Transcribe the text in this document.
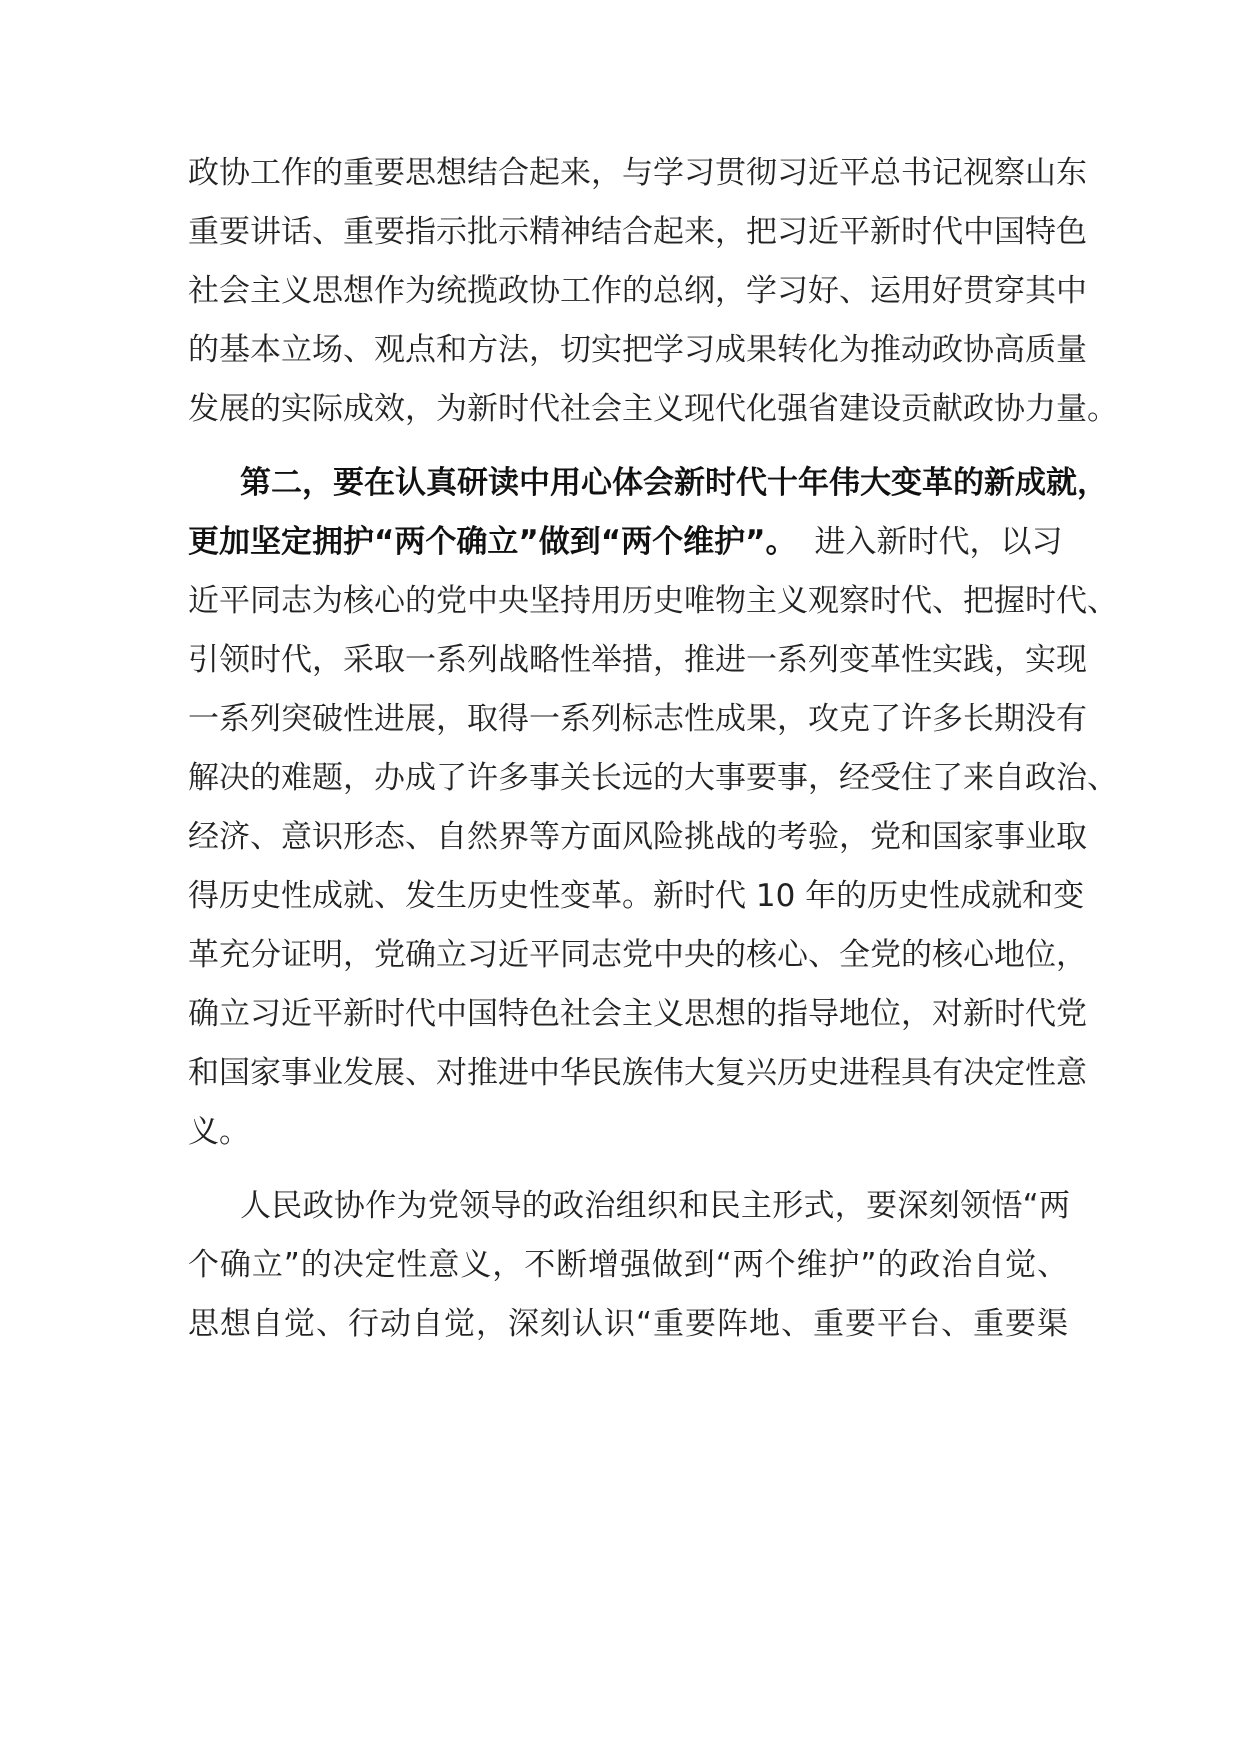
政协工作的重要思想结合起来，与学习贯彻习近平总书记视察山东
重要讲话、重要指示批示精神结合起来，把习近平新时代中国特色
社会主义思想作为统揽政协工作的总纲，学习好、运用好贯穿其中
的基本立场、观点和方法，切实把学习成果转化为推动政协高质量
发展的实际成效，为新时代社会主义现代化强省建设贡献政协力量。
第二，要在认真研读中用心体会新时代十年伟大变革的新成就，
更加坚定拥护“两个确立”做到“两个维护”。 进入新时代，以习
近平同志为核心的党中央坚持用历史唯物主义观察时代、把握时代、
引领时代，采取一系列战略性举措，推进一系列变革性实践，实现
一系列突破性进展，取得一系列标志性成果，攻克了许多长期没有
解决的难题，办成了许多事关长远的大事要事，经受住了来自政治、
经济、意识形态、自然界等方面风险挑战的考验，党和国家事业取
得历史性成就、发生历史性变革。新时代 10 年的历史性成就和变
革充分证明，党确立习近平同志党中央的核心、全党的核心地位，
确立习近平新时代中国特色社会主义思想的指导地位，对新时代党
和国家事业发展、对推进中华民族伟大复兴历史进程具有决定性意
义。
人民政协作为党领导的政治组织和民主形式，要深刻领悟“两
个确立”的决定性意义，不断增强做到“两个维护”的政治自觉、
思想自觉、行动自觉，深刻认识“重要阵地、重要平台、重要渠
